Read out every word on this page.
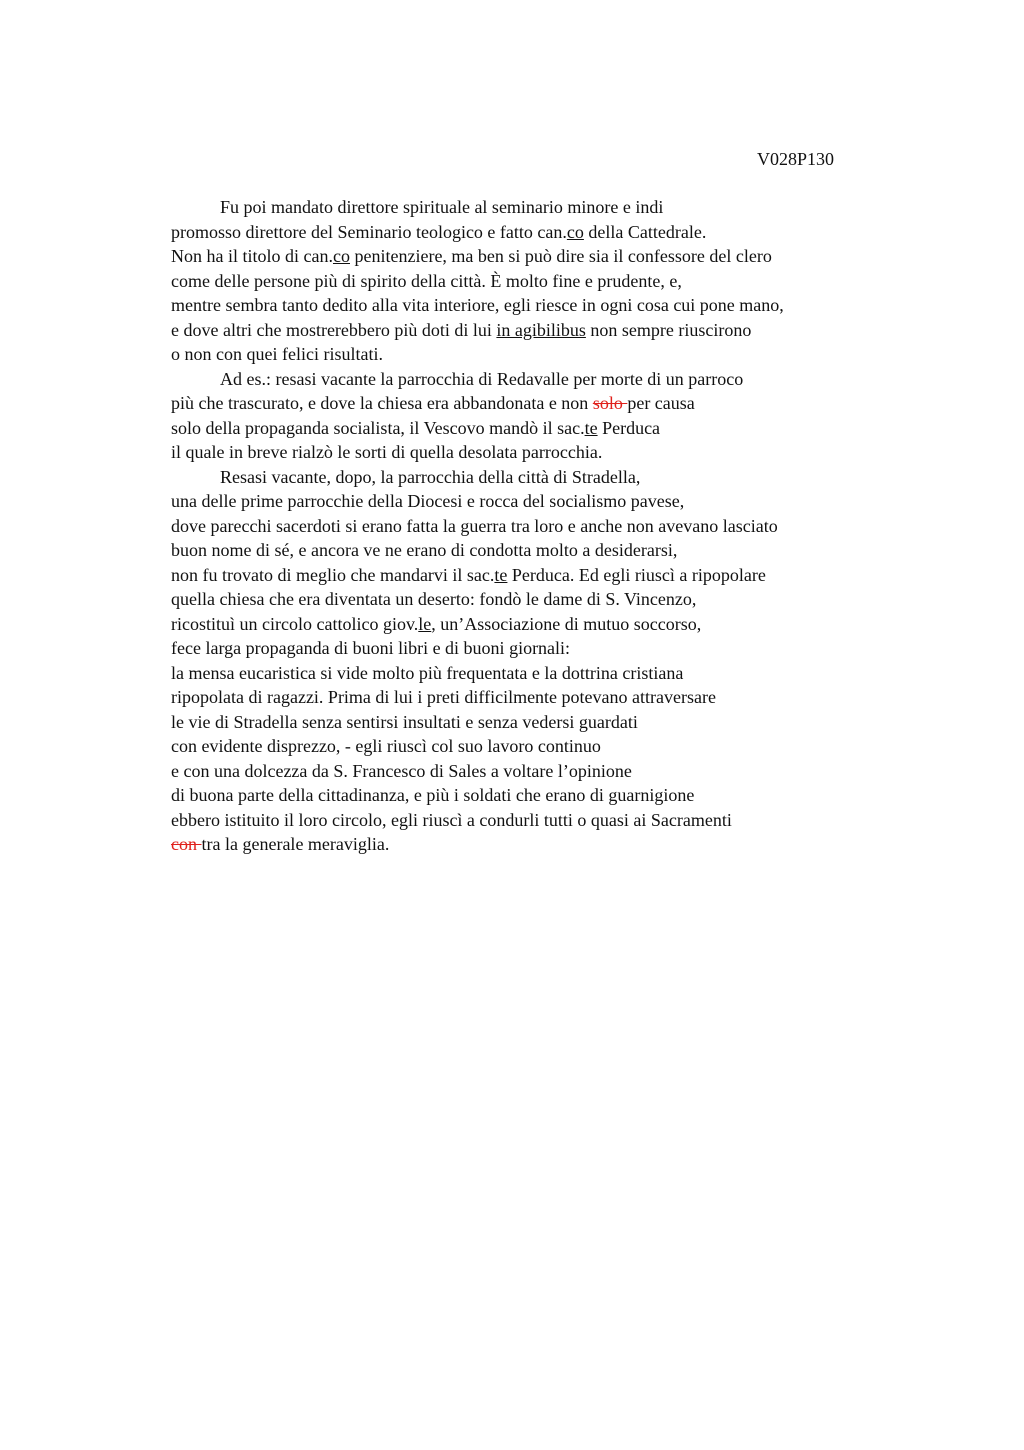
V028P130
Fu poi mandato direttore spirituale al seminario minore e indi
promosso direttore del Seminario teologico e fatto can.co della Cattedrale.
Non ha il titolo di can.co penitenziere, ma ben si può dire sia il confessore del clero
come delle persone più di spirito della città. È molto fine e prudente, e,
mentre sembra tanto dedito alla vita interiore, egli riesce in ogni cosa cui pone mano,
e dove altri che mostrerebbero più doti di lui in agibilibus non sempre riuscirono
o non con quei felici risultati.
Ad es.: resasi vacante la parrocchia di Redavalle per morte di un parroco
più che trascurato, e dove la chiesa era abbandonata e non solo per causa
solo della propaganda socialista, il Vescovo mandò il sac.te Perduca
il quale in breve rialzò le sorti di quella desolata parrocchia.
Resasi vacante, dopo, la parrocchia della città di Stradella,
una delle prime parrocchie della Diocesi e rocca del socialismo pavese,
dove parecchi sacerdoti si erano fatta la guerra tra loro e anche non avevano lasciato
buon nome di sé, e ancora ve ne erano di condotta molto a desiderarsi,
non fu trovato di meglio che mandarvi il sac.te Perduca. Ed egli riuscì a ripopolare
quella chiesa che era diventata un deserto: fondò le dame di S. Vincenzo,
ricostituì un circolo cattolico giov.le, un’Associazione di mutuo soccorso,
fece larga propaganda di buoni libri e di buoni giornali:
la mensa eucaristica si vide molto più frequentata e la dottrina cristiana
ripopolata di ragazzi. Prima di lui i preti difficilmente potevano attraversare
le vie di Stradella senza sentirsi insultati e senza vedersi guardati
con evidente disprezzo, - egli riuscì col suo lavoro continuo
e con una dolcezza da S. Francesco di Sales a voltare l’opinione
di buona parte della cittadinanza, e più i soldati che erano di guarnigione
ebbero istituito il loro circolo, egli riuscì a condurli tutti o quasi ai Sacramenti
con tra la generale meraviglia.
